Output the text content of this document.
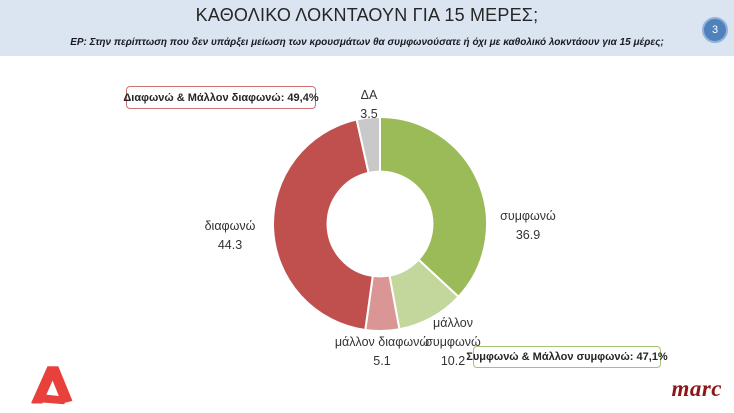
ΚΑΘΟΛΙΚΟ ΛΟΚΝΤΑΟΥΝ ΓΙΑ 15 ΜΕΡΕΣ;
ΕΡ: Στην περίπτωση που δεν υπάρξει μείωση των κρουσμάτων θα συμφωνούσατε ή όχι με καθολικό λοκντάουν για 15 μέρες;
3
Διαφωνώ & Μάλλον διαφωνώ: 49,4%
Συμφωνώ & Μάλλον συμφωνώ: 47,1%
ΔΑ
3.5
συμφωνώ
36.9
διαφωνώ
44.3
μάλλον συμφωνώ
10.2
μάλλον διαφωνώ
5.1
marc
